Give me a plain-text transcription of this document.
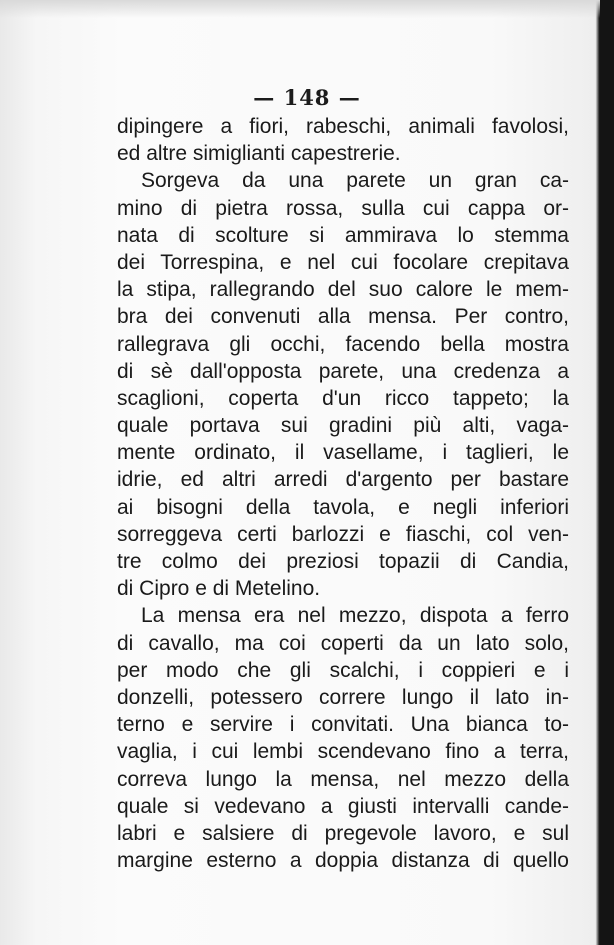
— 148 —
dipingere a fiori, rabeschi, animali favolosi,
ed altre simiglianti capestrerie.
Sorgeva da una parete un gran ca-
mino di pietra rossa, sulla cui cappa or-
nata di scolture si ammirava lo stemma
dei Torrespina, e nel cui focolare crepitava
la stipa, rallegrando del suo calore le mem-
bra dei convenuti alla mensa. Per contro,
rallegrava gli occhi, facendo bella mostra
di sè dall'opposta parete, una credenza a
scaglioni, coperta d'un ricco tappeto; la
quale portava sui gradini più alti, vaga-
mente ordinato, il vasellame, i taglieri, le
idrie, ed altri arredi d'argento per bastare
ai bisogni della tavola, e negli inferiori
sorreggeva certi barlozzi e fiaschi, col ven-
tre colmo dei preziosi topazii di Candia,
di Cipro e di Metelino.
La mensa era nel mezzo, dispota a ferro
di cavallo, ma coi coperti da un lato solo,
per modo che gli scalchi, i coppieri e i
donzelli, potessero correre lungo il lato in-
terno e servire i convitati. Una bianca to-
vaglia, i cui lembi scendevano fino a terra,
correva lungo la mensa, nel mezzo della
quale si vedevano a giusti intervalli cande-
labri e salsiere di pregevole lavoro, e sul
margine esterno a doppia distanza di quello
